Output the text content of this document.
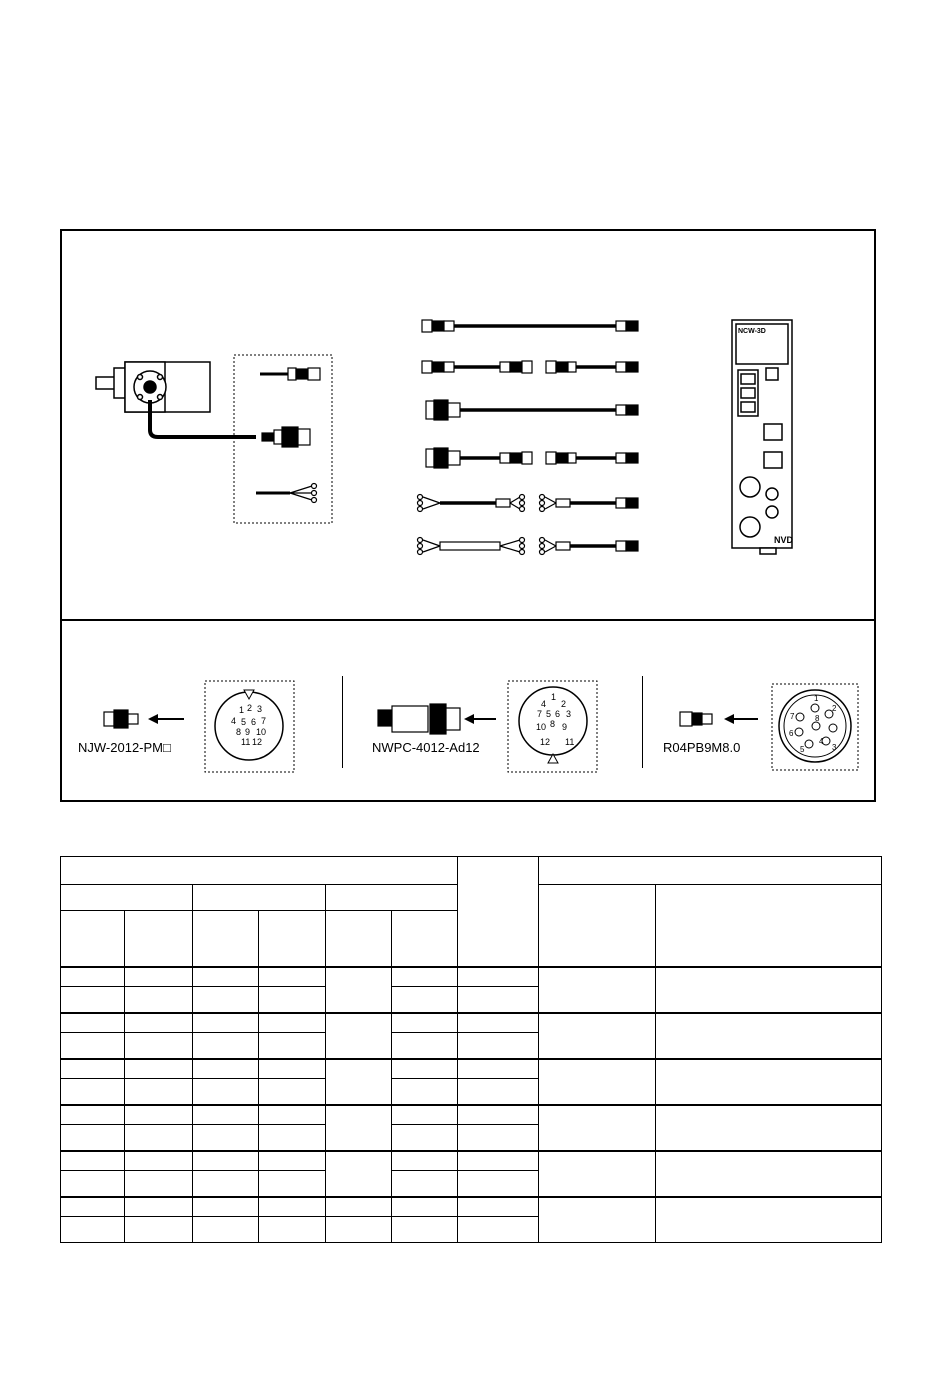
NCW-3D
NVD
1 2 3
4 5 6 7
8 9 10
11 12
1
2
3
4
5 6
7
8 9
10
11
12
1
2
3
4
5
6
7	8
NJW-2012-PM□	NWPC-4012-Ad12	R04PB9M8.0
